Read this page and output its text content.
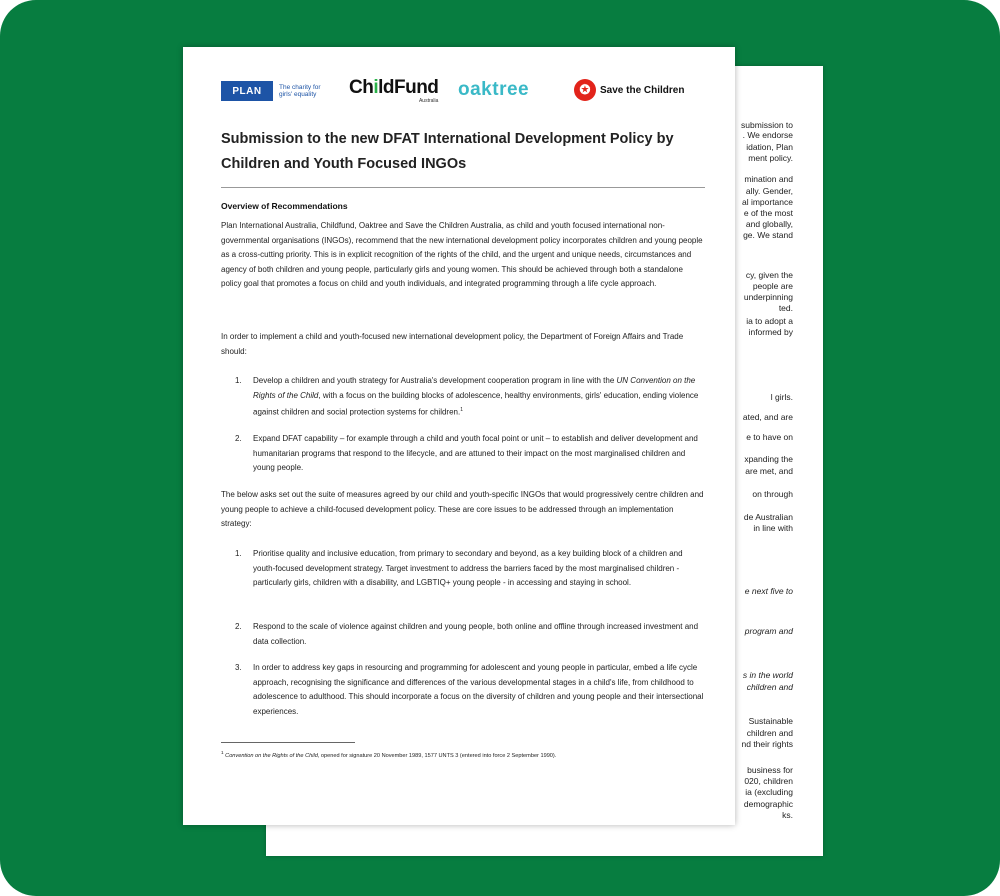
submission to
. We endorse
idation, Plan
ment policy.
mination and
ally. Gender,
al importance
e of the most
and globally,
ge. We stand
cy, given the
people are
underpinning
ted.
ia to adopt a
informed by
l girls.
ated, and are
e to have on
xpanding the
are met, and
on through
de Australian
in line with
e next five to
program and
s in the world
children and
Sustainable
children and
nd their rights
business for
020, children
ia (excluding
demographic
ks.
PLAN	The charity for girls' equality	ChildFund
Australia
oaktree	✪ Save the Children
Submission to the new DFAT International Development Policy by Children and Youth Focused INGOs
Overview of Recommendations

Plan International Australia, Childfund, Oaktree and Save the Children Australia, as child and youth focused international non-governmental organisations (INGOs), recommend that the new international development policy incorporates children and young people as a cross-cutting priority. This is in explicit recognition of the rights of the child, and the urgent and unique needs, circumstances and agency of both children and young people, particularly girls and young women. This should be achieved through both a standalone policy goal that promotes a focus on child and youth individuals, and integrated programming through a life cycle approach.

In order to implement a child and youth-focused new international development policy, the Department of Foreign Affairs and Trade should:

1.	Develop a children and youth strategy for Australia's development cooperation program in line with the UN Convention on the Rights of the Child, with a focus on the building blocks of adolescence, healthy environments, girls' education, ending violence against children and social protection systems for children.$^1$
2.	Expand DFAT capability – for example through a child and youth focal point or unit – to establish and deliver development and humanitarian programs that respond to the lifecycle, and are attuned to their impact on the most marginalised children and young people.

The below asks set out the suite of measures agreed by our child and youth-specific INGOs that would progressively centre children and young people to achieve a child-focused development policy. These are core issues to be addressed through an implementation strategy:

1.	Prioritise quality and inclusive education, from primary to secondary and beyond, as a key building block of a children and youth-focused development strategy. Target investment to address the barriers faced by the most marginalised children - particularly girls, children with a disability, and LGBTIQ+ young people - in accessing and staying in school.
2.	Respond to the scale of violence against children and young people, both online and offline through increased investment and data collection.
3.	In order to address key gaps in resourcing and programming for adolescent and young people in particular, embed a life cycle approach, recognising the significance and differences of the various developmental stages in a child's life, from childhood to adolescence to adulthood. This should incorporate a focus on the diversity of children and young people and their intersectional experiences.
$^1$ Convention on the Rights of the Child, opened for signature 20 November 1989, 1577 UNTS 3 (entered into force 2 September 1990).
